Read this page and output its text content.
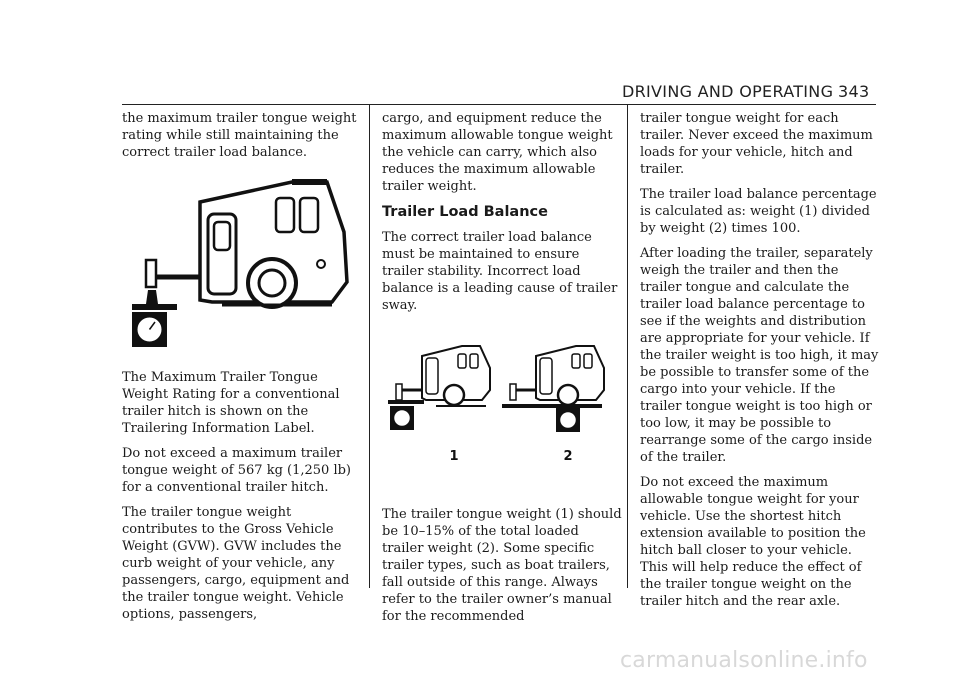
DRIVING AND OPERATING 343

the maximum trailer tongue weight rating while still maintaining the correct trailer load balance.

The Maximum Trailer Tongue Weight Rating for a conventional trailer hitch is shown on the Trailering Information Label.

Do not exceed a maximum trailer tongue weight of 567 kg (1,250 lb) for a conventional trailer hitch.

The trailer tongue weight contributes to the Gross Vehicle Weight (GVW). GVW includes the curb weight of your vehicle, any passengers, cargo, equipment and the trailer tongue weight. Vehicle options, passengers,

cargo, and equipment reduce the maximum allowable tongue weight the vehicle can carry, which also reduces the maximum allowable trailer weight.

Trailer Load Balance

The correct trailer load balance must be maintained to ensure trailer stability. Incorrect load balance is a leading cause of trailer sway.

The trailer tongue weight (1) should be 10–15% of the total loaded trailer weight (2). Some specific trailer types, such as boat trailers, fall outside of this range. Always refer to the trailer owner’s manual for the recommended

1	2

trailer tongue weight for each trailer. Never exceed the maximum loads for your vehicle, hitch and trailer.

The trailer load balance percentage is calculated as: weight (1) divided by weight (2) times 100.

After loading the trailer, separately weigh the trailer and then the trailer tongue and calculate the trailer load balance percentage to see if the weights and distribution are appropriate for your vehicle. If the trailer weight is too high, it may be possible to transfer some of the cargo into your vehicle. If the trailer tongue weight is too high or too low, it may be possible to rearrange some of the cargo inside of the trailer.

Do not exceed the maximum allowable tongue weight for your vehicle. Use the shortest hitch extension available to position the hitch ball closer to your vehicle. This will help reduce the effect of the trailer tongue weight on the trailer hitch and the rear axle.

carmanualsonline.info
